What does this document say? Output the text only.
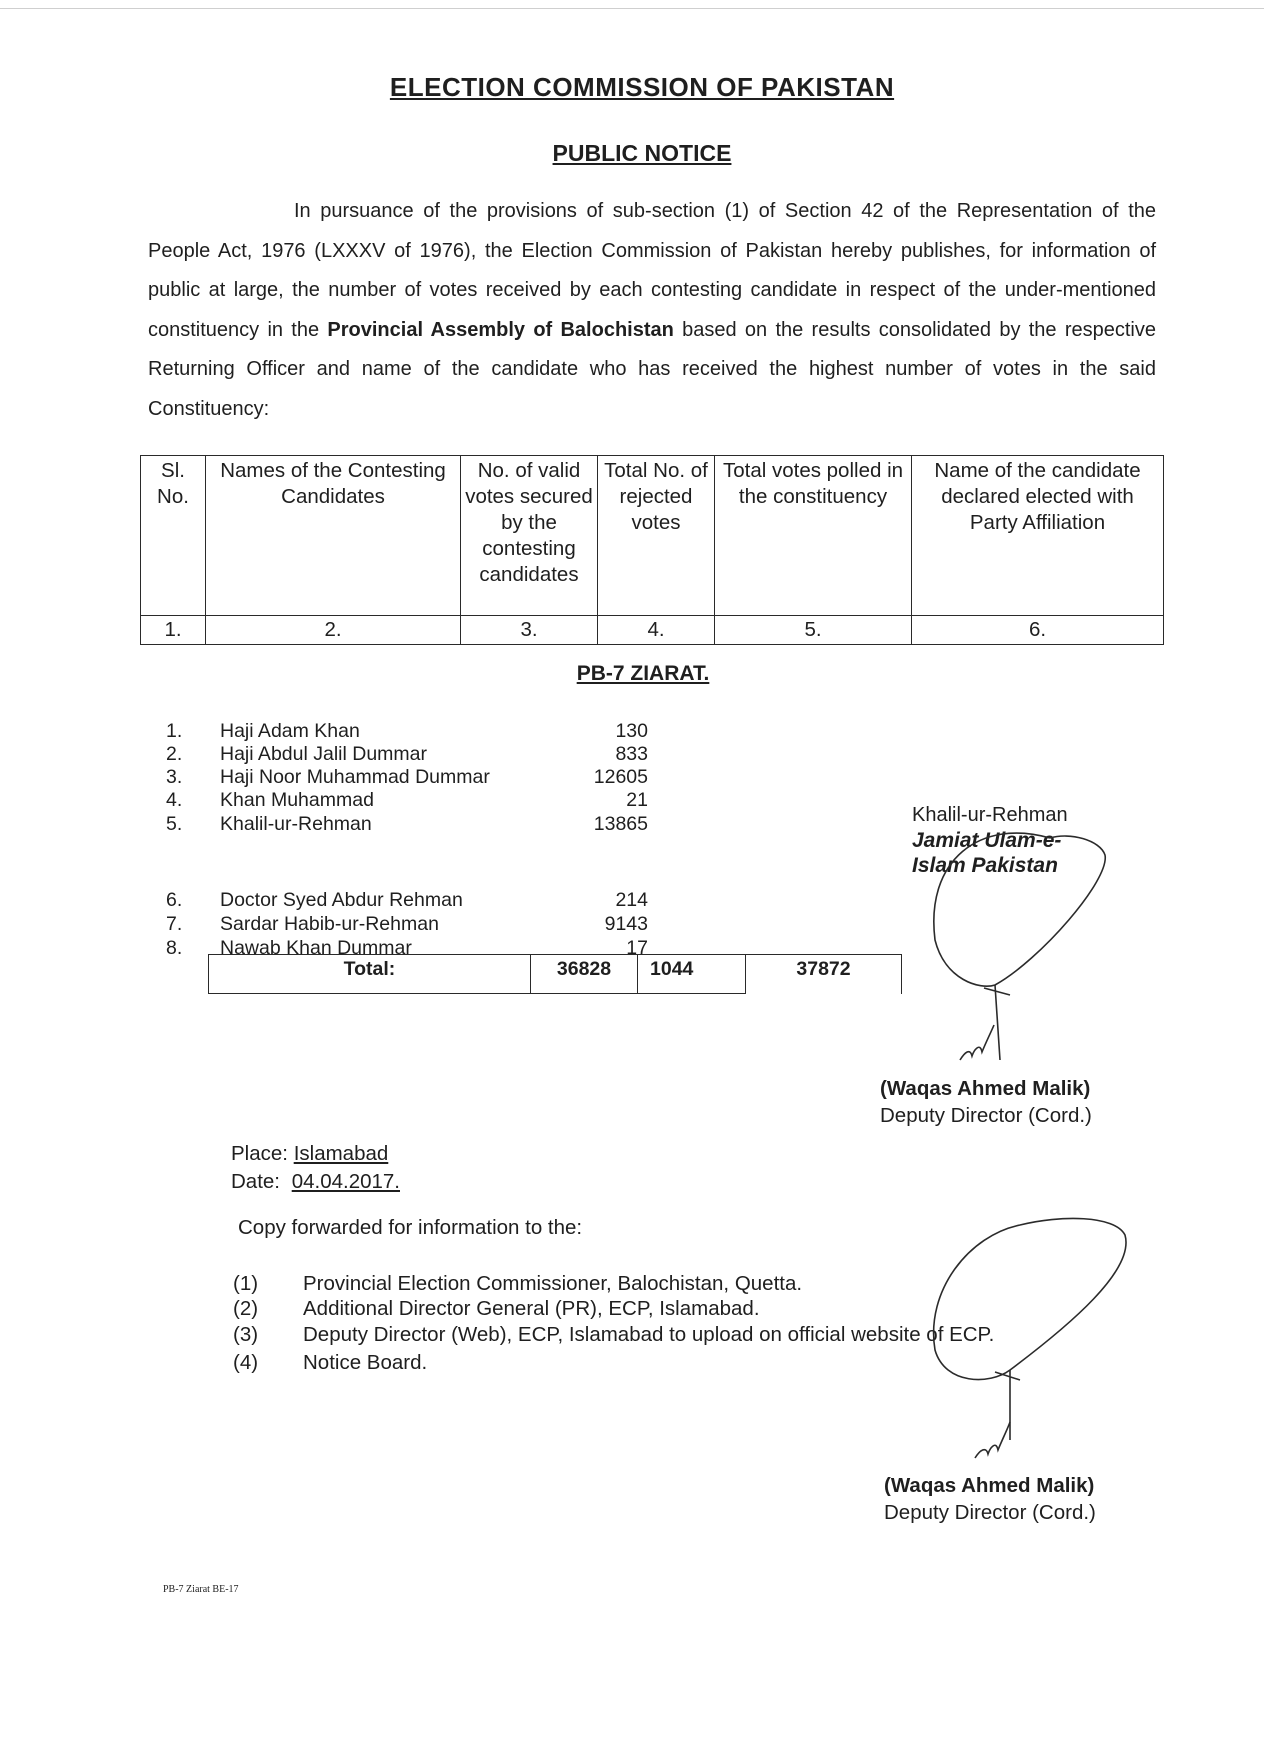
ELECTION COMMISSION OF PAKISTAN
PUBLIC NOTICE
In pursuance of the provisions of sub-section (1) of Section 42 of the Representation of the People Act, 1976 (LXXXV of 1976), the Election Commission of Pakistan hereby publishes, for information of public at large, the number of votes received by each contesting candidate in respect of the under-mentioned constituency in the Provincial Assembly of Balochistan based on the results consolidated by the respective Returning Officer and name of the candidate who has received the highest number of votes in the said Constituency:
Sl. No.	Names of the Contesting Candidates	No. of valid votes secured by the contesting candidates	Total No. of rejected votes	Total votes polled in the constituency	Name of the candidate declared elected with Party Affiliation
1.	2.	3.	4.	5.	6.
PB-7 ZIARAT.
1.	Haji Adam Khan	130
2.	Haji Abdul Jalil Dummar	833
3.	Haji Noor Muhammad Dummar	12605
4.	Khan Muhammad	21
5.	Khalil-ur-Rehman	13865
6.	Doctor Syed Abdur Rehman	214
7.	Sardar Habib-ur-Rehman	9143
8.	Nawab Khan Dummar	17
Total:	36828	1044	37872
Khalil-ur-Rehman
Jamiat Ulam-e-
Islam Pakistan
(Waqas Ahmed Malik)
Deputy Director (Cord.)
Place: Islamabad
Date: 04.04.2017.
Copy forwarded for information to the:
(1) Provincial Election Commissioner, Balochistan, Quetta.
(2) Additional Director General (PR), ECP, Islamabad.
(3) Deputy Director (Web), ECP, Islamabad to upload on official website of ECP.
(4) Notice Board.
(Waqas Ahmed Malik)
Deputy Director (Cord.)
PB-7 Ziarat BE-17
